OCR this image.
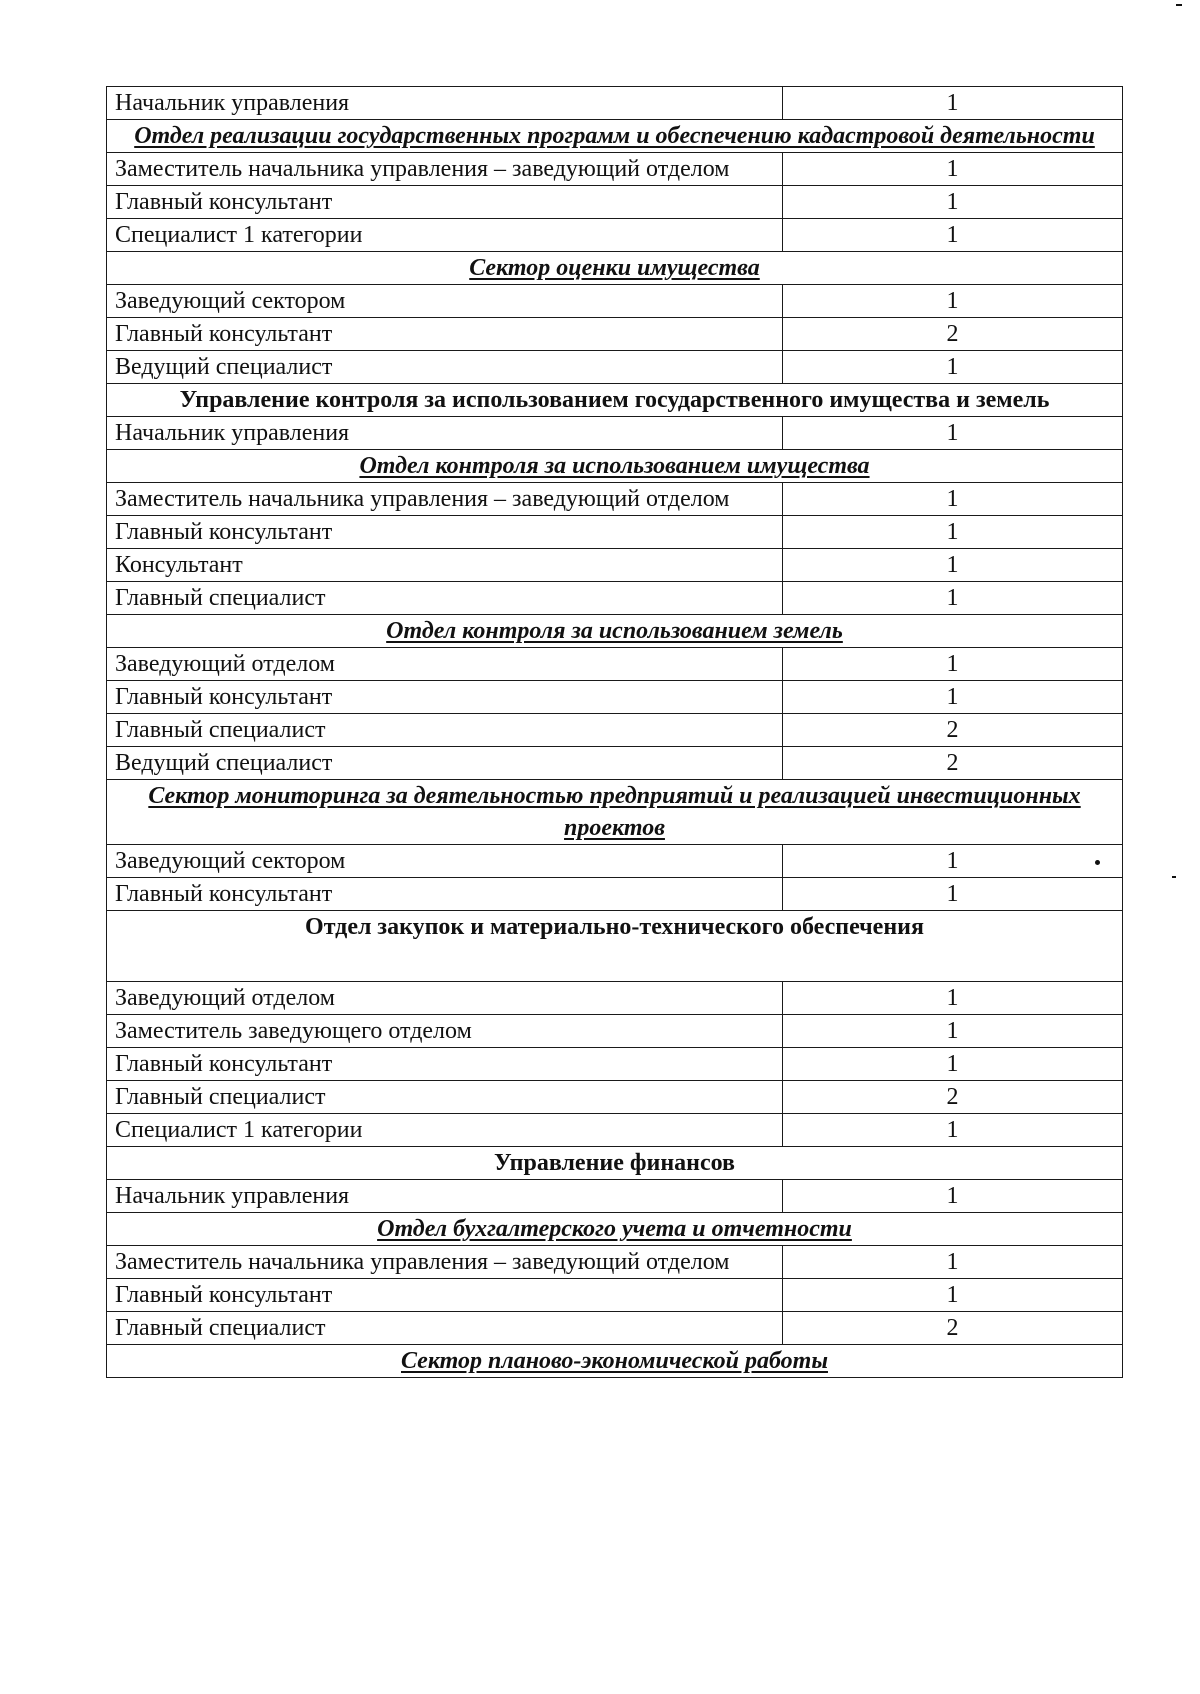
Начальник управления	1
Отдел реализации государственных программ и обеспечению кадастровой деятельности	
Заместитель начальника управления – заведующий отделом	1
Главный консультант	1
Специалист 1 категории	1
Сектор оценки имущества	
Заведующий сектором	1
Главный консультант	2
Ведущий специалист	1
Управление контроля за использованием государственного имущества и земель	
Начальник управления	1
Отдел контроля за использованием имущества	
Заместитель начальника управления – заведующий отделом	1
Главный консультант	1
Консультант	1
Главный специалист	1
Отдел контроля за использованием земель	
Заведующий отделом	1
Главный консультант	1
Главный специалист	2
Ведущий специалист	2
Сектор мониторинга за деятельностью предприятий и реализацией инвестиционных проектов	
Заведующий сектором	1
Главный консультант	1
Отдел закупок и материально-технического обеспечения	
Заведующий отделом	1
Заместитель заведующего отделом	1
Главный консультант	1
Главный специалист	2
Специалист 1 категории	1
Управление финансов	
Начальник управления	1
Отдел бухгалтерского учета и отчетности	
Заместитель начальника управления – заведующий отделом	1
Главный консультант	1
Главный специалист	2
Сектор планово-экономической работы	
